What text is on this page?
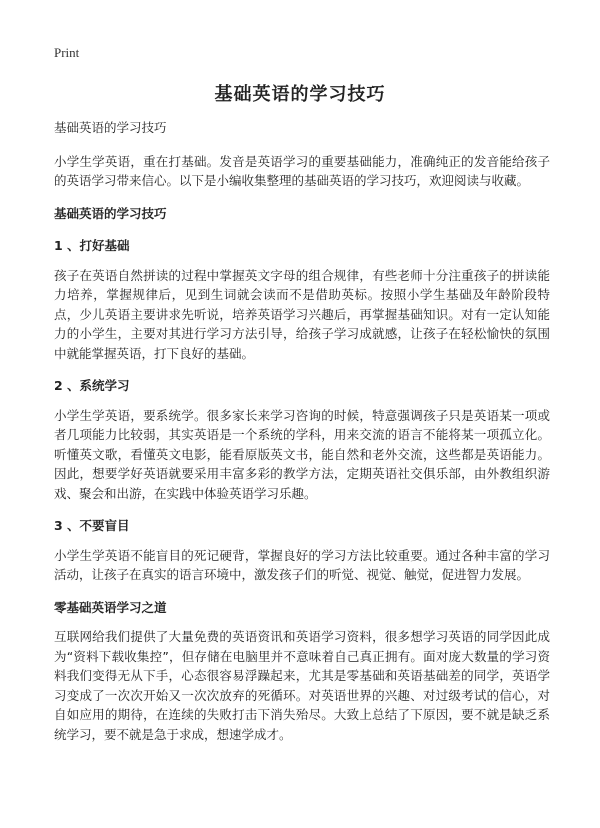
Print
基础英语的学习技巧

基础英语的学习技巧

小学生学英语，重在打基础。发音是英语学习的重要基础能力，准确纯正的发音能给孩子的英语学习带来信心。以下是小编收集整理的基础英语的学习技巧，欢迎阅读与收藏。

基础英语的学习技巧

1 、打好基础

孩子在英语自然拼读的过程中掌握英文字母的组合规律，有些老师十分注重孩子的拼读能力培养，掌握规律后，见到生词就会读而不是借助英标。按照小学生基础及年龄阶段特点，少儿英语主要讲求先听说，培养英语学习兴趣后，再掌握基础知识。对有一定认知能力的小学生，主要对其进行学习方法引导，给孩子学习成就感，让孩子在轻松愉快的氛围中就能掌握英语，打下良好的基础。

2 、系统学习

小学生学英语，要系统学。很多家长来学习咨询的时候，特意强调孩子只是英语某一项或者几项能力比较弱，其实英语是一个系统的学科，用来交流的语言不能将某一项孤立化。听懂英文歌，看懂英文电影，能看原版英文书，能自然和老外交流，这些都是英语能力。因此，想要学好英语就要采用丰富多彩的教学方法，定期英语社交俱乐部，由外教组织游戏、聚会和出游，在实践中体验英语学习乐趣。

3 、不要盲目

小学生学英语不能盲目的死记硬背，掌握良好的学习方法比较重要。通过各种丰富的学习活动，让孩子在真实的语言环境中，激发孩子们的听觉、视觉、触觉，促进智力发展。

零基础英语学习之道

互联网给我们提供了大量免费的英语资讯和英语学习资料，很多想学习英语的同学因此成为“资料下载收集控”，但存储在电脑里并不意味着自己真正拥有。面对庞大数量的学习资料我们变得无从下手，心态很容易浮躁起来，尤其是零基础和英语基础差的同学，英语学习变成了一次次开始又一次次放弃的死循环。对英语世界的兴趣、对过级考试的信心，对自如应用的期待，在连续的失败打击下消失殆尽。大致上总结了下原因，要不就是缺乏系统学习，要不就是急于求成，想速学成才。
